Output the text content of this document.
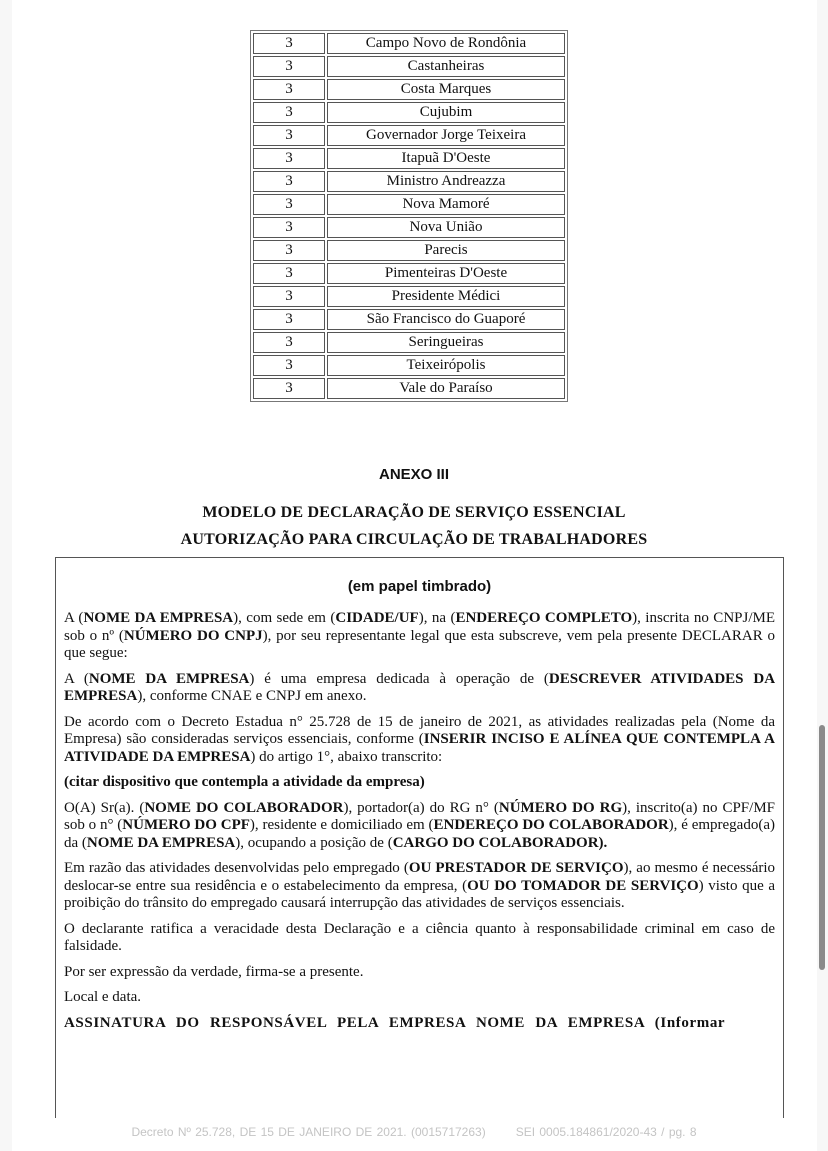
3	Campo Novo de Rondônia
3	Castanheiras
3	Costa Marques
3	Cujubim
3	Governador Jorge Teixeira
3	Itapuã D'Oeste
3	Ministro Andreazza
3	Nova Mamoré
3	Nova União
3	Parecis
3	Pimenteiras D'Oeste
3	Presidente Médici
3	São Francisco do Guaporé
3	Seringueiras
3	Teixeirópolis
3	Vale do Paraíso
ANEXO III
MODELO DE DECLARAÇÃO DE SERVIÇO ESSENCIAL
AUTORIZAÇÃO PARA CIRCULAÇÃO DE TRABALHADORES
(em papel timbrado)

A (NOME DA EMPRESA), com sede em (CIDADE/UF), na (ENDEREÇO COMPLETO), inscrita no CNPJ/ME sob o nº (NÚMERO DO CNPJ), por seu representante legal que esta subscreve, vem pela presente DECLARAR o que segue:

A (NOME DA EMPRESA) é uma empresa dedicada à operação de (DESCREVER ATIVIDADES DA EMPRESA), conforme CNAE e CNPJ em anexo.

De acordo com o Decreto Estadua n° 25.728 de 15 de janeiro de 2021, as atividades realizadas pela (Nome da Empresa) são consideradas serviços essenciais, conforme (INSERIR INCISO E ALÍNEA QUE CONTEMPLA A ATIVIDADE DA EMPRESA) do artigo 1°, abaixo transcrito:

(citar dispositivo que contempla a atividade da empresa)

O(A) Sr(a). (NOME DO COLABORADOR), portador(a) do RG n° (NÚMERO DO RG), inscrito(a) no CPF/MF sob o n° (NÚMERO DO CPF), residente e domiciliado em (ENDEREÇO DO COLABORADOR), é empregado(a) da (NOME DA EMPRESA), ocupando a posição de (CARGO DO COLABORADOR).

Em razão das atividades desenvolvidas pelo empregado (OU PRESTADOR DE SERVIÇO), ao mesmo é necessário deslocar-se entre sua residência e o estabelecimento da empresa, (OU DO TOMADOR DE SERVIÇO) visto que a proibição do trânsito do empregado causará interrupção das atividades de serviços essenciais.

O declarante ratifica a veracidade desta Declaração e a ciência quanto à responsabilidade criminal em caso de falsidade.

Por ser expressão da verdade, firma-se a presente.

Local e data.

ASSINATURA DO RESPONSÁVEL PELA EMPRESA NOME DA EMPRESA (Informar

Decreto Nº 25.728, DE 15 DE JANEIRO DE 2021. (0015717263)	SEI 0005.184861/2020-43 / pg. 8
